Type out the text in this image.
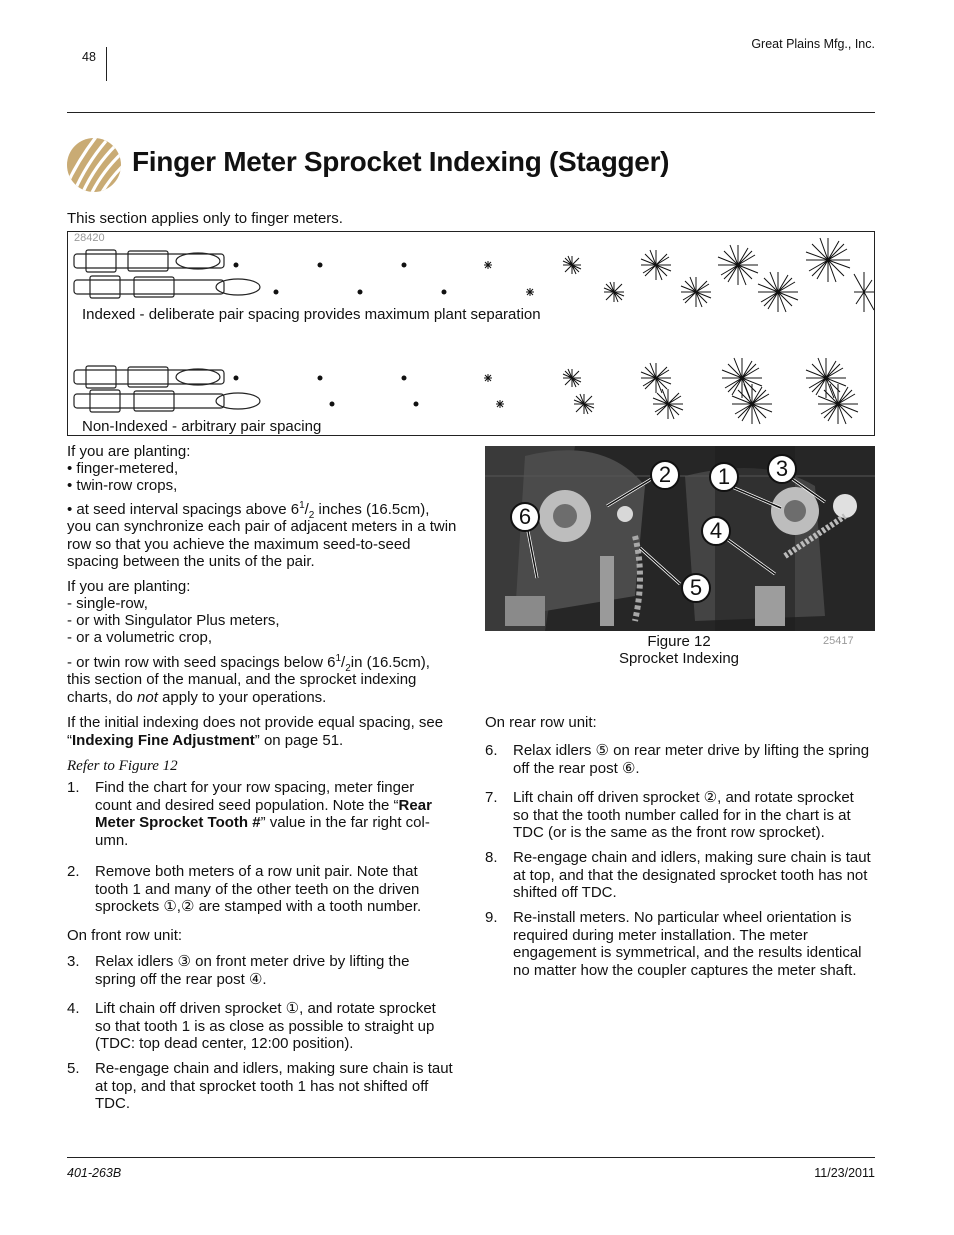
48
Great Plains Mfg., Inc.
Finger Meter Sprocket Indexing (Stagger)
This section applies only to finger meters.
28420
Indexed - deliberate pair spacing provides maximum plant separation
Non-Indexed - arbitrary pair spacing
If you are planting:
• finger-metered,
• twin-row crops,
• at seed interval spacings above $6^1/_2$ inches (16.5cm),
you can synchronize each pair of adjacent meters in a twin row so that you achieve the maximum seed-to-seed spacing between the units of the pair.
If you are planting:
- single-row,
- or with Singulator Plus meters,
- or a volumetric crop,
- or twin row with seed spacings below $6^1/_2in$ (16.5cm),
this section of the manual, and the sprocket indexing charts, do not apply to your operations.
If the initial indexing does not provide equal spacing, see “Indexing Fine Adjustment” on page 51.
Refer to Figure 12
1. Find the chart for your row spacing, meter finger count and desired seed population. Note the “Rear Meter Sprocket Tooth #” value in the far right col-umn.
2. Remove both meters of a row unit pair. Note that tooth 1 and many of the other teeth on the driven sprockets ①,② are stamped with a tooth number.
On front row unit:
3. Relax idlers ③ on front meter drive by lifting the spring off the rear post ④.
4. Lift chain off driven sprocket ①, and rotate sprocket so that tooth 1 is as close as possible to straight up (TDC: top dead center, 12:00 position).
5. Re-engage chain and idlers, making sure chain is taut at top, and that sprocket tooth 1 has not shifted off TDC.
1
2	3
4
5
6
Figure 12
Sprocket Indexing
25417
On rear row unit:
6. Relax idlers ⑤ on rear meter drive by lifting the spring off the rear post ⑥.
7. Lift chain off driven sprocket ②, and rotate sprocket so that the tooth number called for in the chart is at TDC (or is the same as the front row sprocket).
8. Re-engage chain and idlers, making sure chain is taut at top, and that the designated sprocket tooth has not shifted off TDC.
9. Re-install meters. No particular wheel orientation is required during meter installation. The meter engagement is symmetrical, and the results identical no matter how the coupler captures the meter shaft.
401-263B	11/23/2011
